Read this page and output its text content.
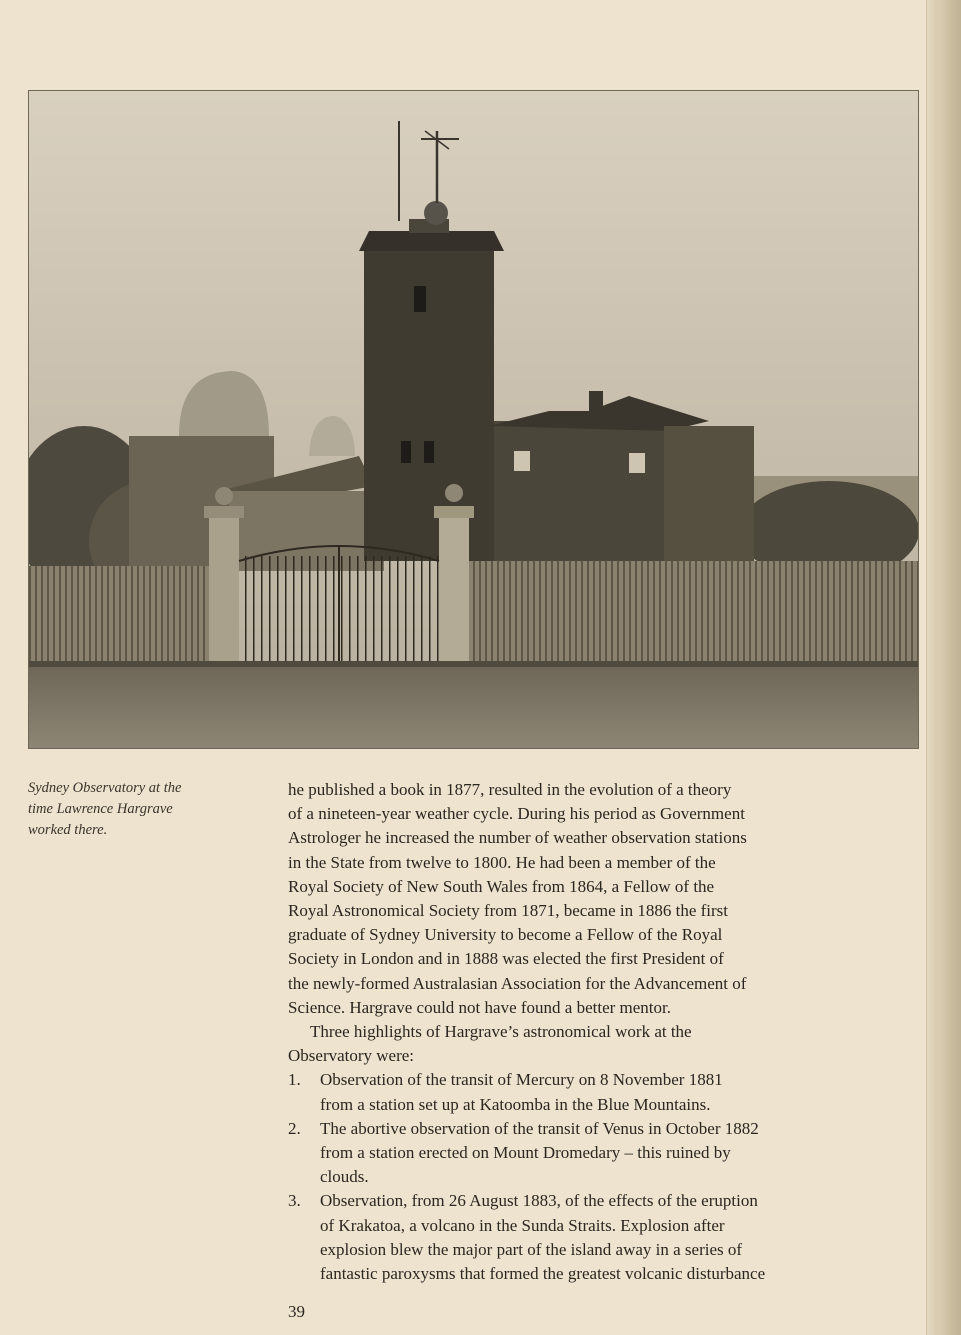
Sydney Observatory at the
time Lawrence Hargrave
worked there.
he published a book in 1877, resulted in the evolution of a theory
of a nineteen-year weather cycle. During his period as Government
Astrologer he increased the number of weather observation stations
in the State from twelve to 1800. He had been a member of the
Royal Society of New South Wales from 1864, a Fellow of the
Royal Astronomical Society from 1871, became in 1886 the first
graduate of Sydney University to become a Fellow of the Royal
Society in London and in 1888 was elected the first President of
the newly-formed Australasian Association for the Advancement of
Science. Hargrave could not have found a better mentor.
Three highlights of Hargrave’s astronomical work at the
Observatory were:
1. Observation of the transit of Mercury on 8 November 1881
from a station set up at Katoomba in the Blue Mountains.
2. The abortive observation of the transit of Venus in October 1882
from a station erected on Mount Dromedary – this ruined by
clouds.
3. Observation, from 26 August 1883, of the effects of the eruption
of Krakatoa, a volcano in the Sunda Straits. Explosion after
explosion blew the major part of the island away in a series of
fantastic paroxysms that formed the greatest volcanic disturbance
39
